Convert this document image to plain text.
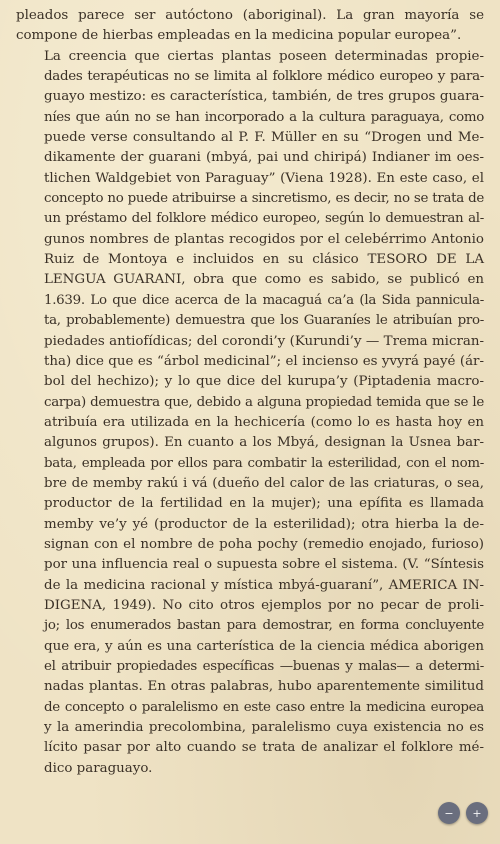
pleados parece ser autóctono (aboriginal). La gran mayoría se
compone de hierbas empleadas en la medicina popular europea”.

La creencia que ciertas plantas poseen determinadas propie-
dades terapéuticas no se limita al folklore médico europeo y para-
guayo mestizo: es característica, también, de tres grupos guara-
níes que aún no se han incorporado a la cultura paraguaya, como
puede verse consultando al P. F. Müller en su “Drogen und Me-
dikamente der guarani (mbyá, pai und chiripá) Indianer im oes-
tlichen Waldgebiet von Paraguay” (Viena 1928). En este caso, el
concepto no puede atribuirse a sincretismo, es decir, no se trata de
un préstamo del folklore médico europeo, según lo demuestran al-
gunos nombres de plantas recogidos por el celebérrimo Antonio
Ruiz de Montoya e incluidos en su clásico TESORO DE LA
LENGUA GUARANI, obra que como es sabido, se publicó en
1.639. Lo que dice acerca de la macaguá ca’a (la Sida pannicula-
ta, probablemente) demuestra que los Guaraníes le atribuían pro-
piedades antiofídicas; del corondi’y (Kurundi’y — Trema micran-
tha) dice que es “árbol medicinal”; el incienso es yvyrá payé (ár-
bol del hechizo); y lo que dice del kurupa’y (Piptadenia macro-
carpa) demuestra que, debido a alguna propiedad temida que se le
atribuía era utilizada en la hechicería (como lo es hasta hoy en
algunos grupos). En cuanto a los Mbyá, designan la Usnea bar-
bata, empleada por ellos para combatir la esterilidad, con el nom-
bre de memby rakú i vá (dueño del calor de las criaturas, o sea,
productor de la fertilidad en la mujer); una epífita es llamada
memby ve’y yé (productor de la esterilidad); otra hierba la de-
signan con el nombre de poha pochy (remedio enojado, furioso)
por una influencia real o supuesta sobre el sistema. (V. “Síntesis
de la medicina racional y mística mbyá-guaraní”, AMERICA IN-
DIGENA, 1949). No cito otros ejemplos por no pecar de proli-
jo; los enumerados bastan para demostrar, en forma concluyente
que era, y aún es una carterística de la ciencia médica aborigen
el atribuir propiedades específicas —buenas y malas— a determi-
nadas plantas. En otras palabras, hubo aparentemente similitud
de concepto o paralelismo en este caso entre la medicina europea
y la amerindia precolombina, paralelismo cuya existencia no es
lícito pasar por alto cuando se trata de analizar el folklore mé-
dico paraguayo.

− +
